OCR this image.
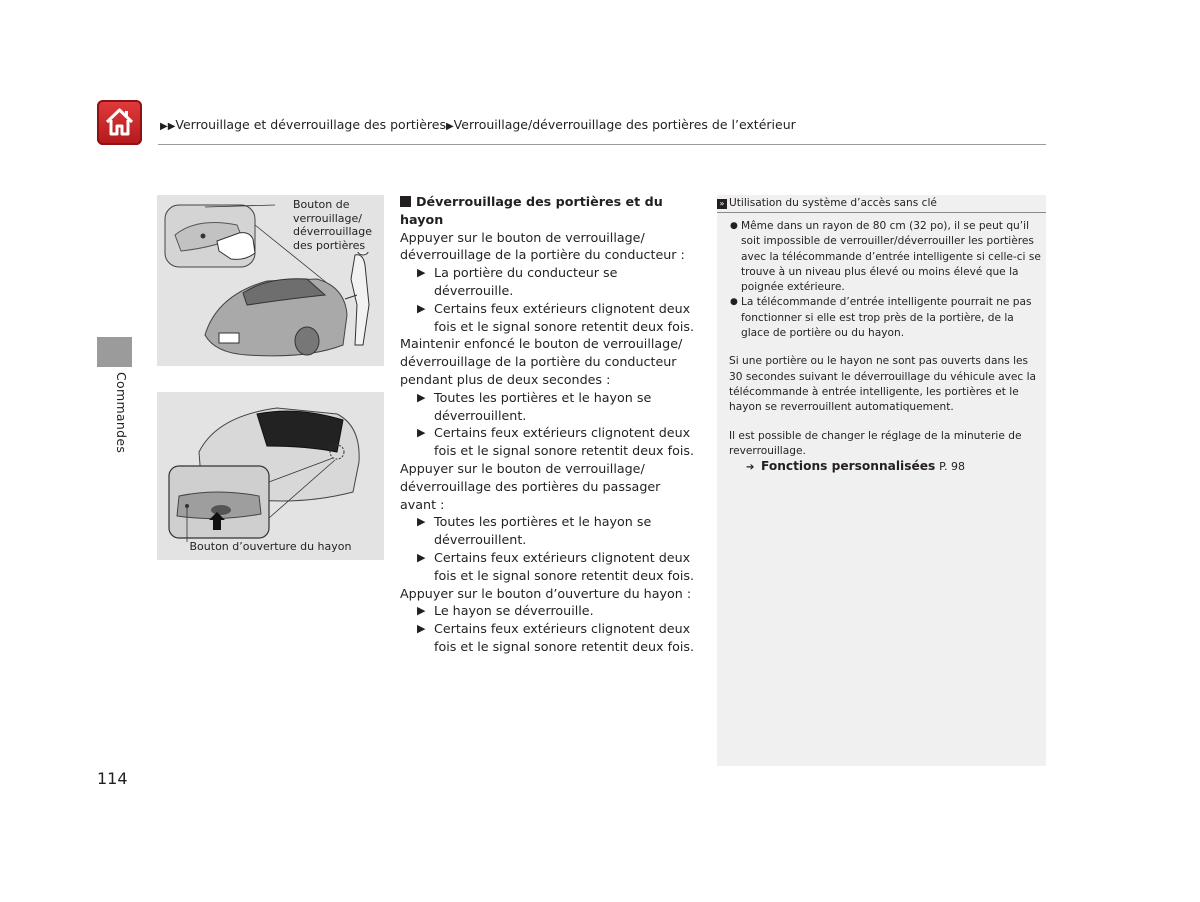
▶▶Verrouillage et déverrouillage des portières▶Verrouillage/déverrouillage des portières de l’extérieur
Commandes
114
Bouton de verrouillage/ déverrouillage des portières
Bouton d’ouverture du hayon

Déverrouillage des portières et du hayon

Appuyer sur le bouton de verrouillage/ déverrouillage de la portière du conducteur :

▶ La portière du conducteur se déverrouille.

▶ Certains feux extérieurs clignotent deux fois et le signal sonore retentit deux fois.

Maintenir enfoncé le bouton de verrouillage/ déverrouillage de la portière du conducteur pendant plus de deux secondes :

▶ Toutes les portières et le hayon se déverrouillent.

▶ Certains feux extérieurs clignotent deux fois et le signal sonore retentit deux fois.

Appuyer sur le bouton de verrouillage/ déverrouillage des portières du passager avant :

▶ Toutes les portières et le hayon se déverrouillent.

▶ Certains feux extérieurs clignotent deux fois et le signal sonore retentit deux fois.

Appuyer sur le bouton d’ouverture du hayon :

▶ Le hayon se déverrouille.

▶ Certains feux extérieurs clignotent deux fois et le signal sonore retentit deux fois.

» Utilisation du système d’accès sans clé

● Même dans un rayon de 80 cm (32 po), il se peut qu’il soit impossible de verrouiller/déverrouiller les portières avec la télécommande d’entrée intelligente si celle-ci se trouve à un niveau plus élevé ou moins élevé que la poignée extérieure.

● La télécommande d’entrée intelligente pourrait ne pas fonctionner si elle est trop près de la portière, de la glace de portière ou du hayon.

Si une portière ou le hayon ne sont pas ouverts dans les 30 secondes suivant le déverrouillage du véhicule avec la télécommande à entrée intelligente, les portières et le hayon se reverrouillent automatiquement.

Il est possible de changer le réglage de la minuterie de reverrouillage.

➔ Fonctions personnalisées P. 98
